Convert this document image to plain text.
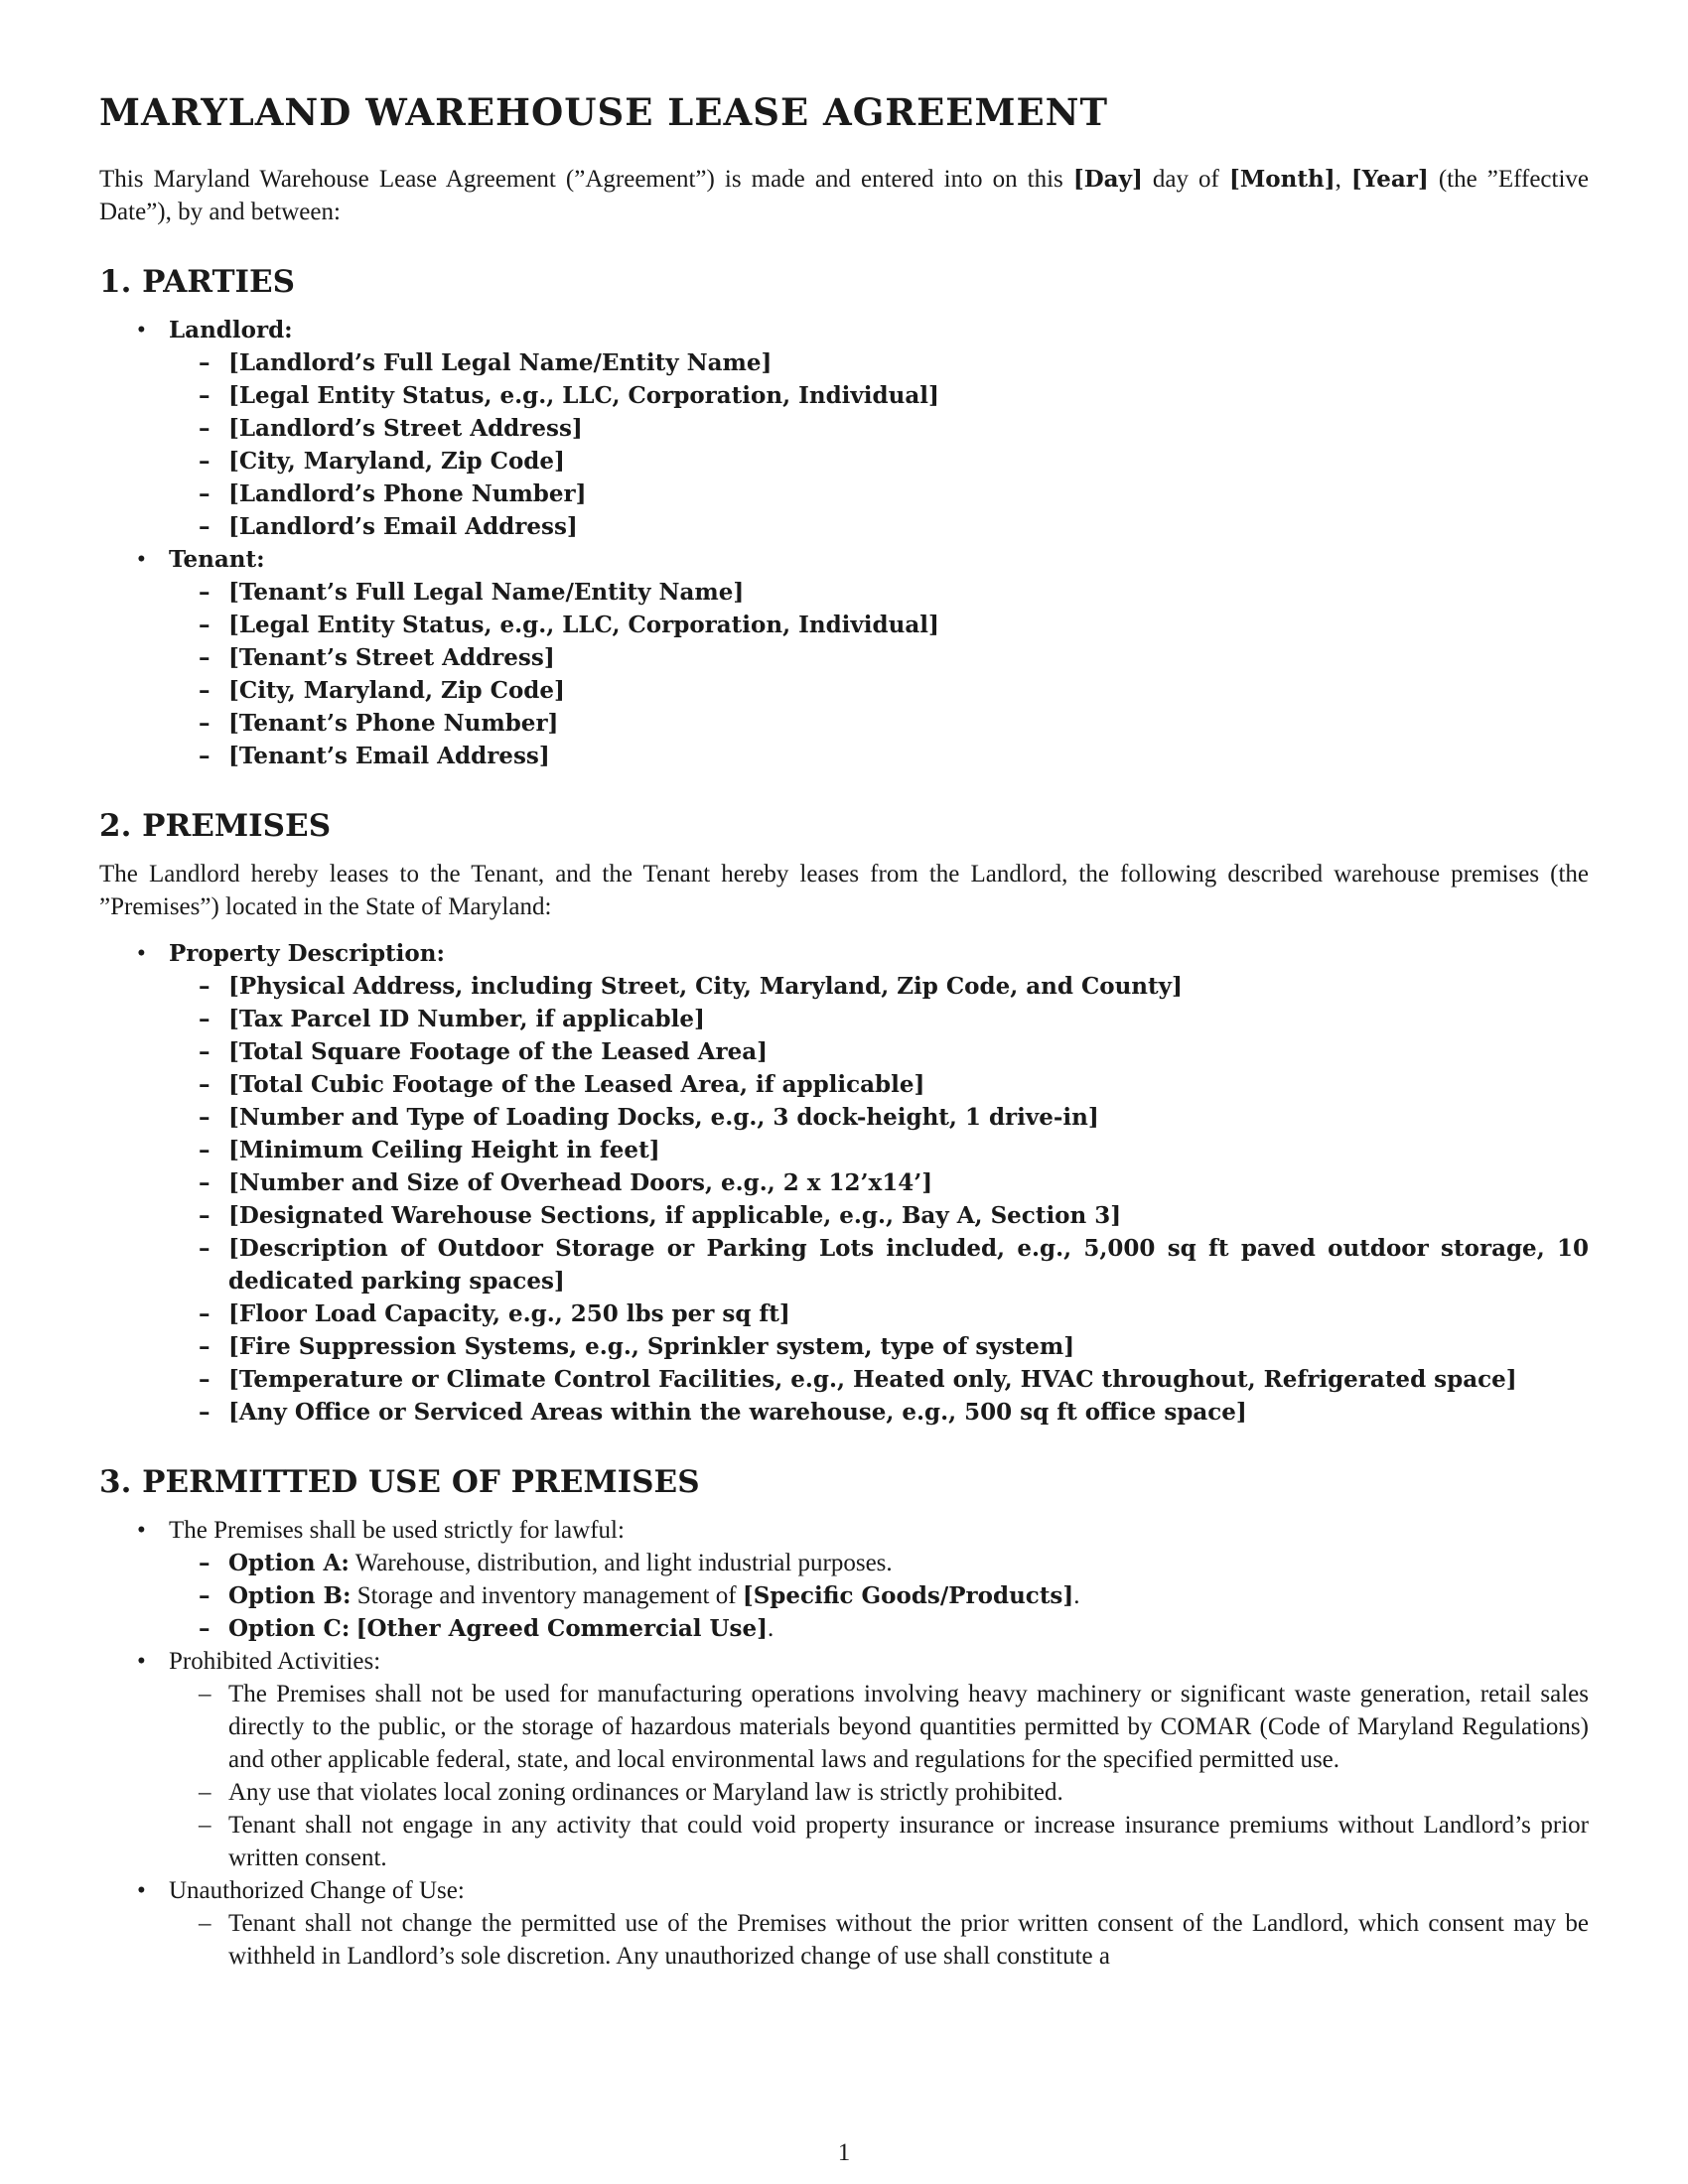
MARYLAND WAREHOUSE LEASE AGREEMENT

This Maryland Warehouse Lease Agreement (”Agreement”) is made and entered into on this [Day] day of [Month], [Year] (the ”Effective Date”), by and between:

1. PARTIES
•	Landlord:
– [Landlord’s Full Legal Name/Entity Name]
– [Legal Entity Status, e.g., LLC, Corporation, Individual]
– [Landlord’s Street Address]
– [City, Maryland, Zip Code]
– [Landlord’s Phone Number]
– [Landlord’s Email Address]
•	Tenant:
– [Tenant’s Full Legal Name/Entity Name]
– [Legal Entity Status, e.g., LLC, Corporation, Individual]
– [Tenant’s Street Address]
– [City, Maryland, Zip Code]
– [Tenant’s Phone Number]
– [Tenant’s Email Address]
2. PREMISES

The Landlord hereby leases to the Tenant, and the Tenant hereby leases from the Landlord, the following described warehouse premises (the ”Premises”) located in the State of Maryland:

•	Property Description:
– [Physical Address, including Street, City, Maryland, Zip Code, and County]
– [Tax Parcel ID Number, if applicable]
– [Total Square Footage of the Leased Area]
– [Total Cubic Footage of the Leased Area, if applicable]
– [Number and Type of Loading Docks, e.g., 3 dock-height, 1 drive-in]
– [Minimum Ceiling Height in feet]
– [Number and Size of Overhead Doors, e.g., 2 x 12’x14’]
– [Designated Warehouse Sections, if applicable, e.g., Bay A, Section 3]
– [Description of Outdoor Storage or Parking Lots included, e.g., 5,000 sq ft paved outdoor storage, 10 dedicated parking spaces]
– [Floor Load Capacity, e.g., 250 lbs per sq ft]
– [Fire Suppression Systems, e.g., Sprinkler system, type of system]
– [Temperature or Climate Control Facilities, e.g., Heated only, HVAC throughout, Refrigerated space]
– [Any Office or Serviced Areas within the warehouse, e.g., 500 sq ft office space]
3. PERMITTED USE OF PREMISES
• The Premises shall be used strictly for lawful:
– Option A: Warehouse, distribution, and light industrial purposes.
– Option B: Storage and inventory management of [Specific Goods/Products].
– Option C: [Other Agreed Commercial Use].
• Prohibited Activities:
– The Premises shall not be used for manufacturing operations involving heavy machinery or significant waste generation, retail sales directly to the public, or the storage of hazardous materials beyond quantities permitted by COMAR (Code of Maryland Regulations) and other applicable federal, state, and local environmental laws and regulations for the specified permitted use.
– Any use that violates local zoning ordinances or Maryland law is strictly prohibited.
– Tenant shall not engage in any activity that could void property insurance or increase insurance premiums without Landlord’s prior written consent.
• Unauthorized Change of Use:
– Tenant shall not change the permitted use of the Premises without the prior written consent of the Landlord, which consent may be withheld in Landlord’s sole discretion. Any unauthorized change of use shall constitute a
1
